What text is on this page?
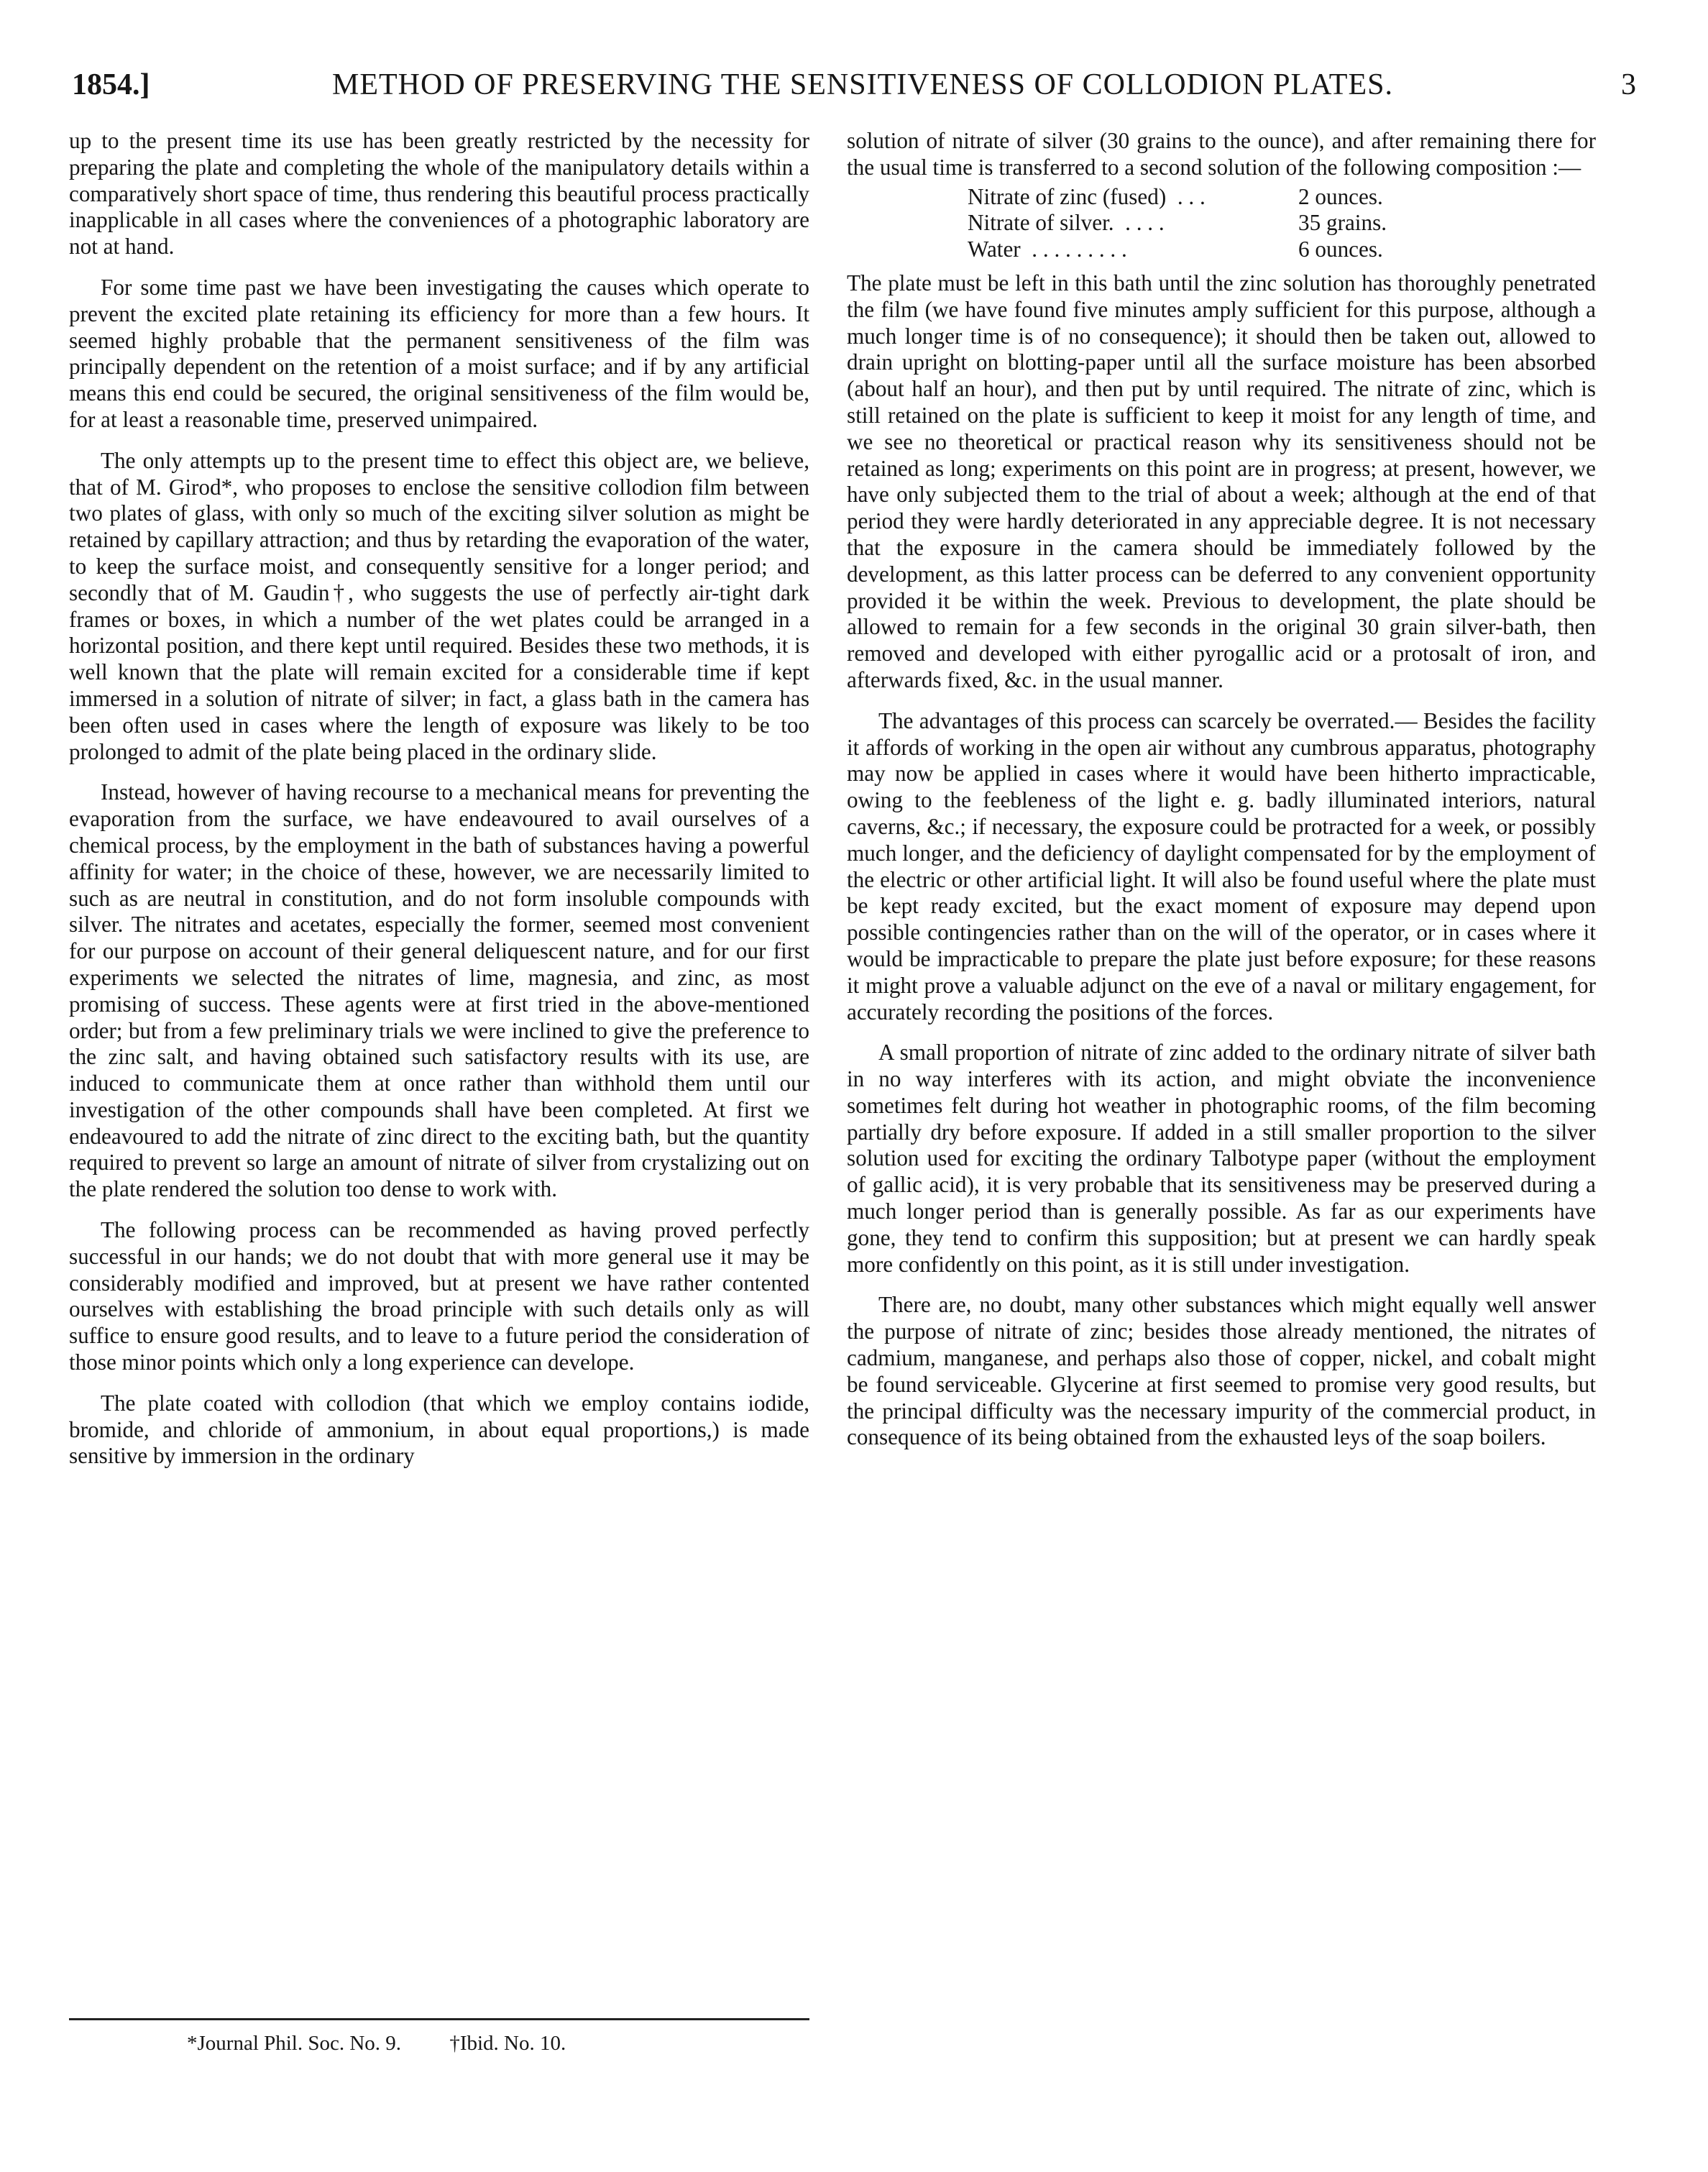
1854.]	METHOD OF PRESERVING THE SENSITIVENESS OF COLLODION PLATES.	3

up to the present time its use has been greatly restricted by the necessity for preparing the plate and completing the whole of the manipulatory details within a comparatively short space of time, thus rendering this beautiful process practically inapplicable in all cases where the conveniences of a photographic laboratory are not at hand.

For some time past we have been investigating the causes which operate to prevent the excited plate retaining its efficiency for more than a few hours. It seemed highly probable that the permanent sensitiveness of the film was principally dependent on the retention of a moist surface; and if by any artificial means this end could be secured, the original sensitiveness of the film would be, for at least a reasonable time, preserved unimpaired.

The only attempts up to the present time to effect this object are, we believe, that of M. Girod*, who proposes to enclose the sensitive collodion film between two plates of glass, with only so much of the exciting silver solution as might be retained by capillary attraction; and thus by retarding the evaporation of the water, to keep the surface moist, and consequently sensitive for a longer period; and secondly that of M. Gaudin†, who suggests the use of perfectly air-tight dark frames or boxes, in which a number of the wet plates could be arranged in a horizontal position, and there kept until required. Besides these two methods, it is well known that the plate will remain excited for a considerable time if kept immersed in a solution of nitrate of silver; in fact, a glass bath in the camera has been often used in cases where the length of exposure was likely to be too prolonged to admit of the plate being placed in the ordinary slide.

Instead, however of having recourse to a mechanical means for preventing the evaporation from the surface, we have endeavoured to avail ourselves of a chemical process, by the employment in the bath of substances having a powerful affinity for water; in the choice of these, however, we are necessarily limited to such as are neutral in constitution, and do not form insoluble compounds with silver. The nitrates and acetates, especially the former, seemed most convenient for our purpose on account of their general deliquescent nature, and for our first experiments we selected the nitrates of lime, magnesia, and zinc, as most promising of success. These agents were at first tried in the above-mentioned order; but from a few preliminary trials we were inclined to give the preference to the zinc salt, and having obtained such satisfactory results with its use, are induced to communicate them at once rather than withhold them until our investigation of the other compounds shall have been completed. At first we endeavoured to add the nitrate of zinc direct to the exciting bath, but the quantity required to prevent so large an amount of nitrate of silver from crystalizing out on the plate rendered the solution too dense to work with.

The following process can be recommended as having proved perfectly successful in our hands; we do not doubt that with more general use it may be considerably modified and improved, but at present we have rather contented ourselves with establishing the broad principle with such details only as will suffice to ensure good results, and to leave to a future period the consideration of those minor points which only a long experience can develope.

The plate coated with collodion (that which we employ contains iodide, bromide, and chloride of ammonium, in about equal proportions,) is made sensitive by immersion in the ordinary

solution of nitrate of silver (30 grains to the ounce), and after remaining there for the usual time is transferred to a second solution of the following composition :—

Nitrate of zinc (fused)  . . .	2 ounces.
Nitrate of silver.  . . . .	35 grains.
Water  . . . . . . . . .	6 ounces.

The plate must be left in this bath until the zinc solution has thoroughly penetrated the film (we have found five minutes amply sufficient for this purpose, although a much longer time is of no consequence); it should then be taken out, allowed to drain upright on blotting-paper until all the surface moisture has been absorbed (about half an hour), and then put by until required. The nitrate of zinc, which is still retained on the plate is sufficient to keep it moist for any length of time, and we see no theoretical or practical reason why its sensitiveness should not be retained as long; experiments on this point are in progress; at present, however, we have only subjected them to the trial of about a week; although at the end of that period they were hardly deteriorated in any appreciable degree. It is not necessary that the exposure in the camera should be immediately followed by the development, as this latter process can be deferred to any convenient opportunity provided it be within the week. Previous to development, the plate should be allowed to remain for a few seconds in the original 30 grain silver-bath, then removed and developed with either pyrogallic acid or a protosalt of iron, and afterwards fixed, &c. in the usual manner.

The advantages of this process can scarcely be overrated.— Besides the facility it affords of working in the open air without any cumbrous apparatus, photography may now be applied in cases where it would have been hitherto impracticable, owing to the feebleness of the light e. g. badly illuminated interiors, natural caverns, &c.; if necessary, the exposure could be protracted for a week, or possibly much longer, and the deficiency of daylight compensated for by the employment of the electric or other artificial light. It will also be found useful where the plate must be kept ready excited, but the exact moment of exposure may depend upon possible contingencies rather than on the will of the operator, or in cases where it would be impracticable to prepare the plate just before exposure; for these reasons it might prove a valuable adjunct on the eve of a naval or military engagement, for accurately recording the positions of the forces.

A small proportion of nitrate of zinc added to the ordinary nitrate of silver bath in no way interferes with its action, and might obviate the inconvenience sometimes felt during hot weather in photographic rooms, of the film becoming partially dry before exposure. If added in a still smaller proportion to the silver solution used for exciting the ordinary Talbotype paper (without the employment of gallic acid), it is very probable that its sensitiveness may be preserved during a much longer period than is generally possible. As far as our experiments have gone, they tend to confirm this supposition; but at present we can hardly speak more confidently on this point, as it is still under investigation.

There are, no doubt, many other substances which might equally well answer the purpose of nitrate of zinc; besides those already mentioned, the nitrates of cadmium, manganese, and perhaps also those of copper, nickel, and cobalt might be found serviceable. Glycerine at first seemed to promise very good results, but the principal difficulty was the necessary impurity of the commercial product, in consequence of its being obtained from the exhausted leys of the soap boilers.

*Journal Phil. Soc. No. 9. †Ibid. No. 10.
